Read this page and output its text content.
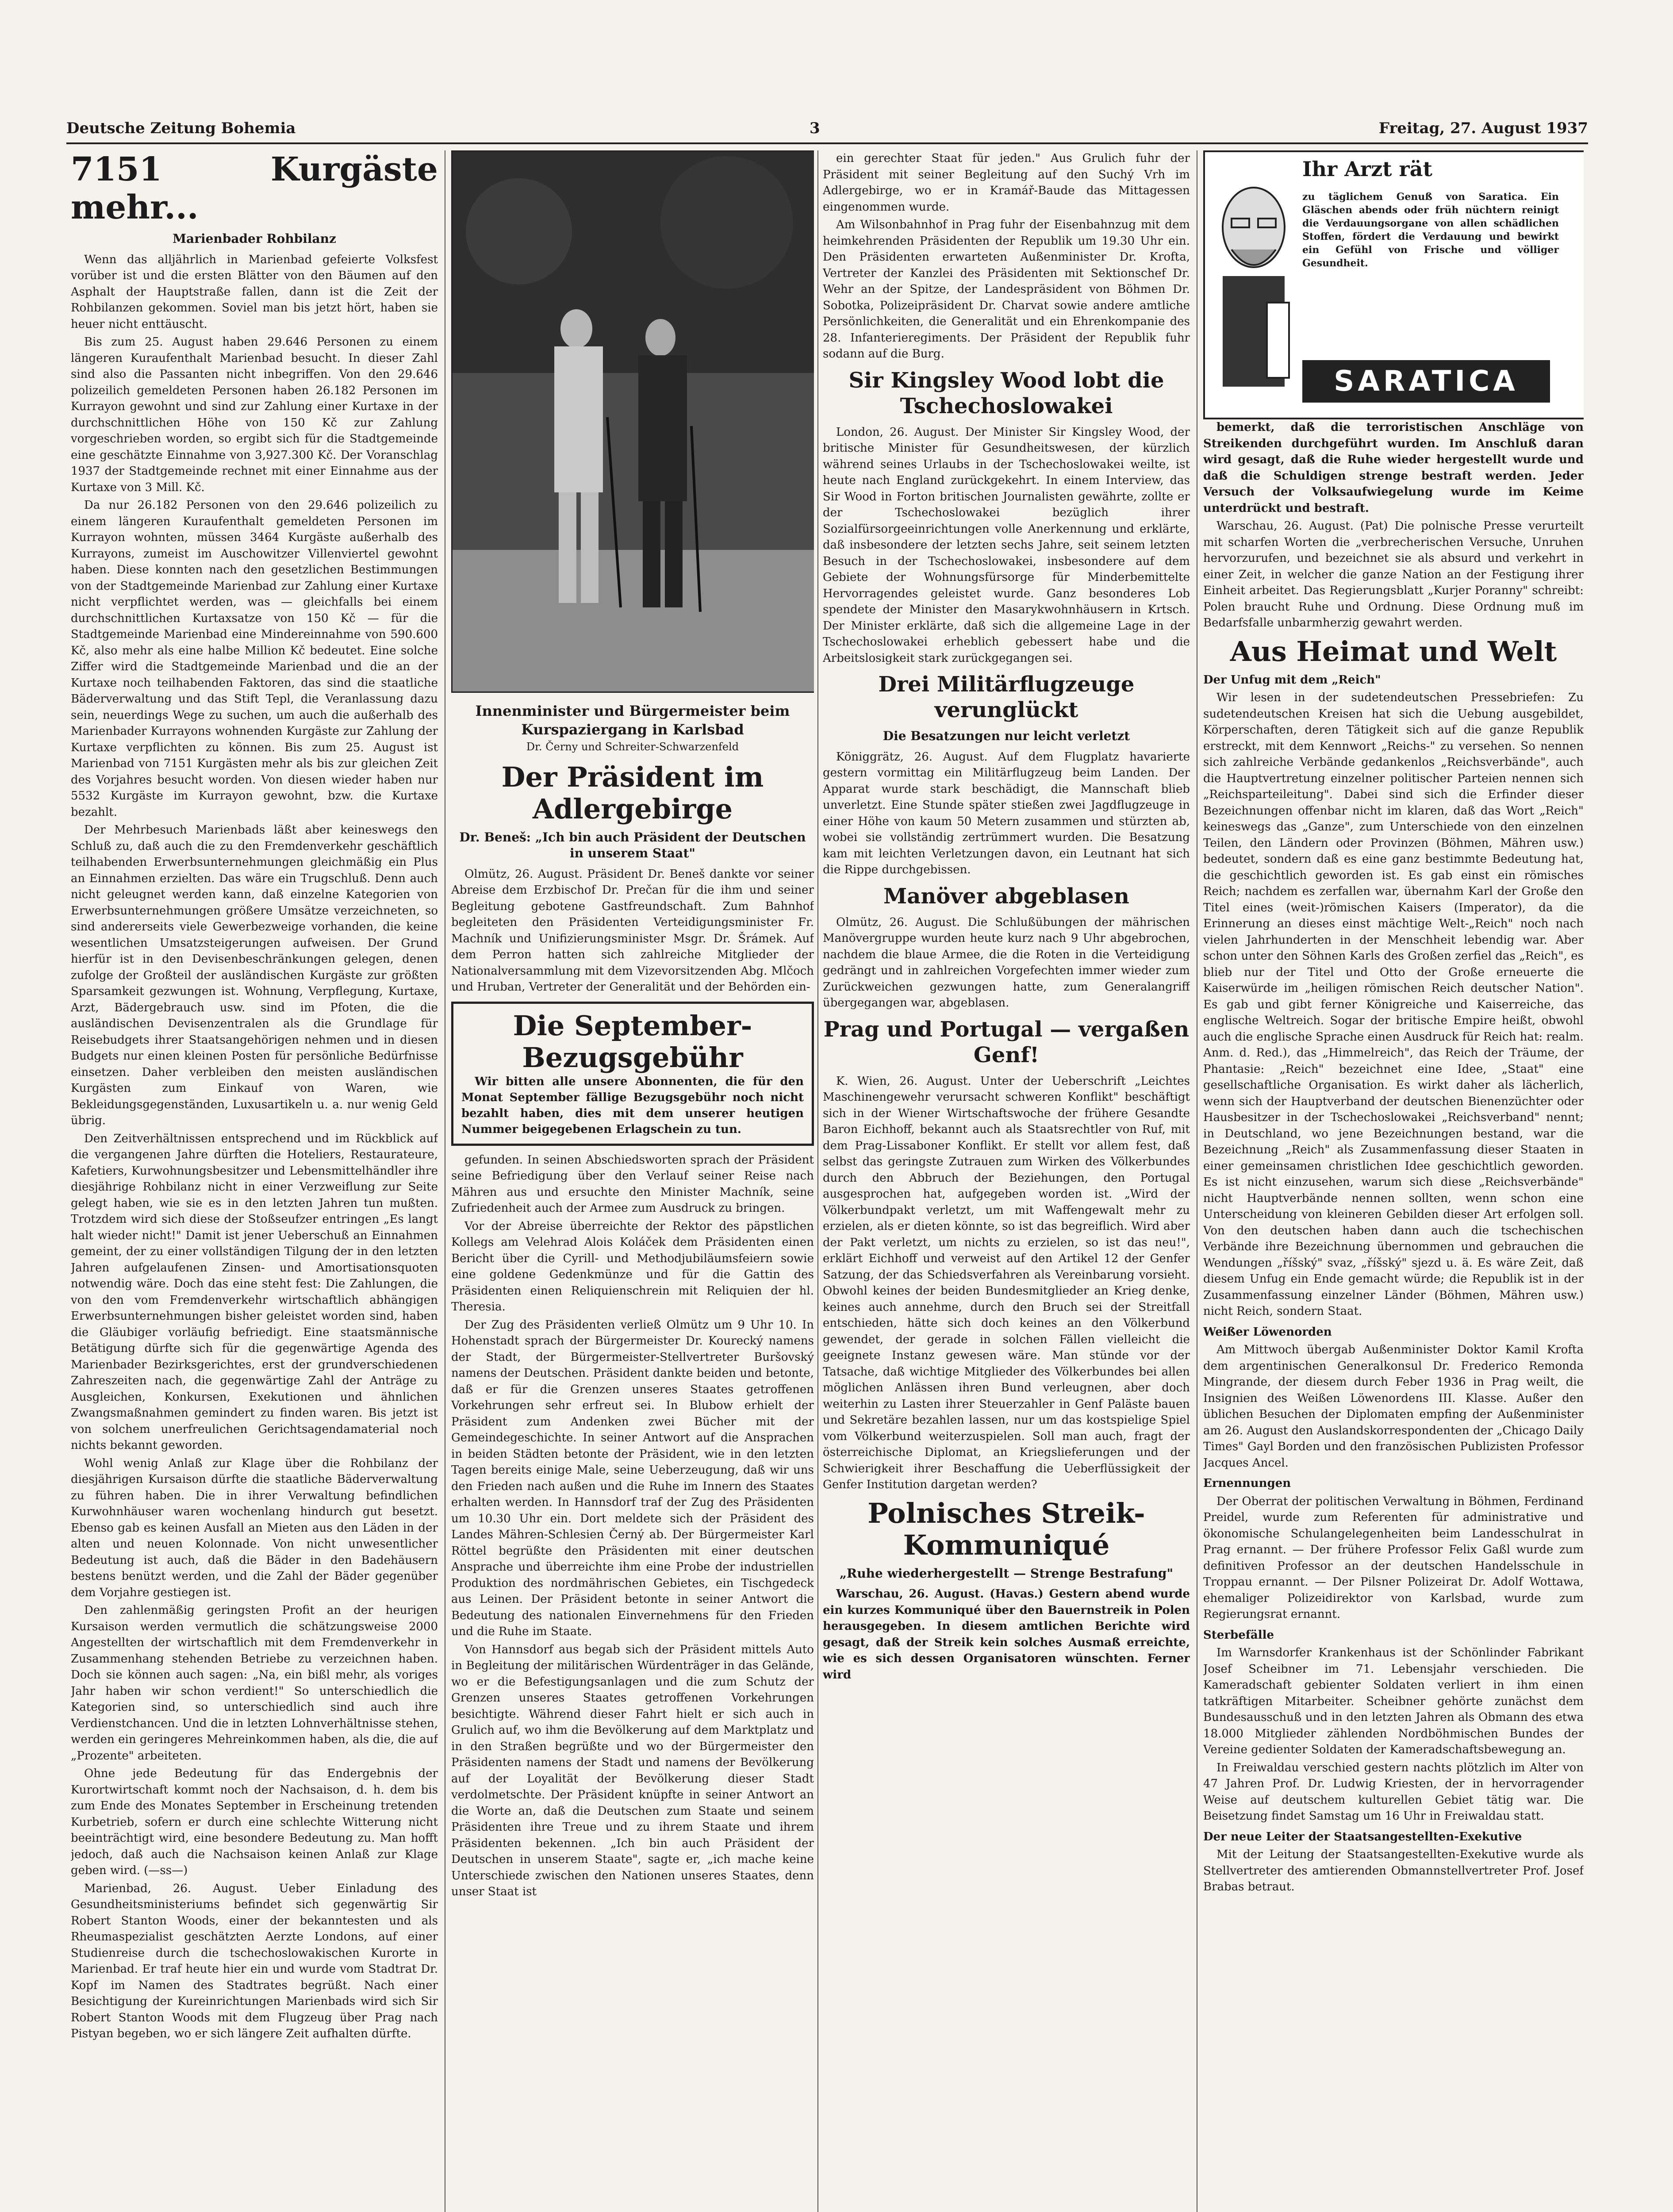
Deutsche Zeitung Bohemia	3	Freitag, 27. August 1937
7151 Kurgäste mehr...
Marienbader Rohbilanz

Wenn das alljährlich in Marienbad gefeierte Volksfest vorüber ist und die ersten Blätter von den Bäumen auf den Asphalt der Hauptstraße fallen, dann ist die Zeit der Rohbilanzen gekommen. Soviel man bis jetzt hört, haben sie heuer nicht enttäuscht.

Bis zum 25. August haben 29.646 Personen zu einem längeren Kuraufenthalt Marienbad besucht. In dieser Zahl sind also die Passanten nicht inbegriffen. Von den 29.646 polizeilich gemeldeten Personen haben 26.182 Personen im Kurrayon gewohnt und sind zur Zahlung einer Kurtaxe in der durchschnittlichen Höhe von 150 Kč zur Zahlung vorgeschrieben worden, so ergibt sich für die Stadtgemeinde eine geschätzte Einnahme von 3,927.300 Kč. Der Voranschlag 1937 der Stadtgemeinde rechnet mit einer Einnahme aus der Kurtaxe von 3 Mill. Kč.

Da nur 26.182 Personen von den 29.646 polizeilich zu einem längeren Kuraufenthalt gemeldeten Personen im Kurrayon wohnten, müssen 3464 Kurgäste außerhalb des Kurrayons, zumeist im Auschowitzer Villenviertel gewohnt haben. Diese konnten nach den gesetzlichen Bestimmungen von der Stadtgemeinde Marienbad zur Zahlung einer Kurtaxe nicht verpflichtet werden, was — gleichfalls bei einem durchschnittlichen Kurtaxsatze von 150 Kč — für die Stadtgemeinde Marienbad eine Mindereinnahme von 590.600 Kč, also mehr als eine halbe Million Kč bedeutet. Eine solche Ziffer wird die Stadtgemeinde Marienbad und die an der Kurtaxe noch teilhabenden Faktoren, das sind die staatliche Bäderverwaltung und das Stift Tepl, die Veranlassung dazu sein, neuerdings Wege zu suchen, um auch die außerhalb des Marienbader Kurrayons wohnenden Kurgäste zur Zahlung der Kurtaxe verpflichten zu können. Bis zum 25. August ist Marienbad von 7151 Kurgästen mehr als bis zur gleichen Zeit des Vorjahres besucht worden. Von diesen wieder haben nur 5532 Kurgäste im Kurrayon gewohnt, bzw. die Kurtaxe bezahlt.

Der Mehrbesuch Marienbads läßt aber keineswegs den Schluß zu, daß auch die zu den Fremdenverkehr geschäftlich teilhabenden Erwerbsunternehmungen gleichmäßig ein Plus an Einnahmen erzielten. Das wäre ein Trugschluß. Denn auch nicht geleugnet werden kann, daß einzelne Kategorien von Erwerbsunternehmungen größere Umsätze verzeichneten, so sind andererseits viele Gewerbezweige vorhanden, die keine wesentlichen Umsatzsteigerungen aufweisen. Der Grund hierfür ist in den Devisenbeschränkungen gelegen, denen zufolge der Großteil der ausländischen Kurgäste zur größten Sparsamkeit gezwungen ist. Wohnung, Verpflegung, Kurtaxe, Arzt, Bädergebrauch usw. sind im Pfoten, die die ausländischen Devisenzentralen als die Grundlage für Reisebudgets ihrer Staatsangehörigen nehmen und in diesen Budgets nur einen kleinen Posten für persönliche Bedürfnisse einsetzen. Daher verbleiben den meisten ausländischen Kurgästen zum Einkauf von Waren, wie Bekleidungsgegenständen, Luxusartikeln u. a. nur wenig Geld übrig.

Den Zeitverhältnissen entsprechend und im Rückblick auf die vergangenen Jahre dürften die Hoteliers, Restaurateure, Kafetiers, Kurwohnungsbesitzer und Lebensmittelhändler ihre diesjährige Rohbilanz nicht in einer Verzweiflung zur Seite gelegt haben, wie sie es in den letzten Jahren tun mußten. Trotzdem wird sich diese der Stoßseufzer entringen „Es langt halt wieder nicht!" Damit ist jener Ueberschuß an Einnahmen gemeint, der zu einer vollständigen Tilgung der in den letzten Jahren aufgelaufenen Zinsen- und Amortisationsquoten notwendig wäre. Doch das eine steht fest: Die Zahlungen, die von den vom Fremdenverkehr wirtschaftlich abhängigen Erwerbsunternehmungen bisher geleistet worden sind, haben die Gläubiger vorläufig befriedigt. Eine staatsmännische Betätigung dürfte sich für die gegenwärtige Agenda des Marienbader Bezirksgerichtes, erst der grundverschiedenen Zahreszeiten nach, die gegenwärtige Zahl der Anträge zu Ausgleichen, Konkursen, Exekutionen und ähnlichen Zwangsmaßnahmen gemindert zu finden waren. Bis jetzt ist von solchem unerfreulichen Gerichtsagendamaterial noch nichts bekannt geworden.

Wohl wenig Anlaß zur Klage über die Rohbilanz der diesjährigen Kursaison dürfte die staatliche Bäderverwaltung zu führen haben. Die in ihrer Verwaltung befindlichen Kurwohnhäuser waren wochenlang hindurch gut besetzt. Ebenso gab es keinen Ausfall an Mieten aus den Läden in der alten und neuen Kolonnade. Von nicht unwesentlicher Bedeutung ist auch, daß die Bäder in den Badehäusern bestens benützt werden, und die Zahl der Bäder gegenüber dem Vorjahre gestiegen ist.

Den zahlenmäßig geringsten Profit an der heurigen Kursaison werden vermutlich die schätzungsweise 2000 Angestellten der wirtschaftlich mit dem Fremdenverkehr in Zusammenhang stehenden Betriebe zu verzeichnen haben. Doch sie können auch sagen: „Na, ein bißl mehr, als voriges Jahr haben wir schon verdient!" So unterschiedlich die Kategorien sind, so unterschiedlich sind auch ihre Verdienstchancen. Und die in letzten Lohnverhältnisse stehen, werden ein geringeres Mehreinkommen haben, als die, die auf „Prozente" arbeiteten.

Ohne jede Bedeutung für das Endergebnis der Kurortwirtschaft kommt noch der Nachsaison, d. h. dem bis zum Ende des Monates September in Erscheinung tretenden Kurbetrieb, sofern er durch eine schlechte Witterung nicht beeinträchtigt wird, eine besondere Bedeutung zu. Man hofft jedoch, daß auch die Nachsaison keinen Anlaß zur Klage geben wird. (—ss—)

Marienbad, 26. August. Ueber Einladung des Gesundheitsministeriums befindet sich gegenwärtig Sir Robert Stanton Woods, einer der bekanntesten und als Rheumaspezialist geschätzten Aerzte Londons, auf einer Studienreise durch die tschechoslowakischen Kurorte in Marienbad. Er traf heute hier ein und wurde vom Stadtrat Dr. Kopf im Namen des Stadtrates begrüßt. Nach einer Besichtigung der Kureinrichtungen Marienbads wird sich Sir Robert Stanton Woods mit dem Flugzeug über Prag nach Pistyan begeben, wo er sich längere Zeit aufhalten dürfte.

Innenminister und Bürgermeister beim Kurspaziergang in Karlsbad
Dr. Černy und Schreiter-Schwarzenfeld
Der Präsident im Adlergebirge
Dr. Beneš: „Ich bin auch Präsident der Deutschen in unserem Staat"

Olmütz, 26. August. Präsident Dr. Beneš dankte vor seiner Abreise dem Erzbischof Dr. Prečan für die ihm und seiner Begleitung gebotene Gastfreundschaft. Zum Bahnhof begleiteten den Präsidenten Verteidigungsminister Fr. Machník und Unifizierungsminister Msgr. Dr. Šrámek. Auf dem Perron hatten sich zahlreiche Mitglieder der Nationalversammlung mit dem Vizevorsitzenden Abg. Mlčoch und Hruban, Vertreter der Generalität und der Behörden ein-

Die September-Bezugsgebühr
Wir bitten alle unsere Abonnenten, die für den Monat September fällige Bezugsgebühr noch nicht bezahlt haben, dies mit dem unserer heutigen Nummer beigegebenen Erlagschein zu tun.

gefunden. In seinen Abschiedsworten sprach der Präsident seine Befriedigung über den Verlauf seiner Reise nach Mähren aus und ersuchte den Minister Machník, seine Zufriedenheit auch der Armee zum Ausdruck zu bringen.

Vor der Abreise überreichte der Rektor des päpstlichen Kollegs am Velehrad Alois Koláček dem Präsidenten einen Bericht über die Cyrill- und Methodjubiläumsfeiern sowie eine goldene Gedenkmünze und für die Gattin des Präsidenten einen Reliquienschrein mit Reliquien der hl. Theresia.

Der Zug des Präsidenten verließ Olmütz um 9 Uhr 10. In Hohenstadt sprach der Bürgermeister Dr. Kourecký namens der Stadt, der Bürgermeister-Stellvertreter Buršovský namens der Deutschen. Präsident dankte beiden und betonte, daß er für die Grenzen unseres Staates getroffenen Vorkehrungen sehr erfreut sei. In Blubow erhielt der Präsident zum Andenken zwei Bücher mit der Gemeindegeschichte. In seiner Antwort auf die Ansprachen in beiden Städten betonte der Präsident, wie in den letzten Tagen bereits einige Male, seine Ueberzeugung, daß wir uns den Frieden nach außen und die Ruhe im Innern des Staates erhalten werden. In Hannsdorf traf der Zug des Präsidenten um 10.30 Uhr ein. Dort meldete sich der Präsident des Landes Mähren-Schlesien Černý ab. Der Bürgermeister Karl Röttel begrüßte den Präsidenten mit einer deutschen Ansprache und überreichte ihm eine Probe der industriellen Produktion des nordmährischen Gebietes, ein Tischgedeck aus Leinen. Der Präsident betonte in seiner Antwort die Bedeutung des nationalen Einvernehmens für den Frieden und die Ruhe im Staate.

Von Hannsdorf aus begab sich der Präsident mittels Auto in Begleitung der militärischen Würdenträger in das Gelände, wo er die Befestigungsanlagen und die zum Schutz der Grenzen unseres Staates getroffenen Vorkehrungen besichtigte. Während dieser Fahrt hielt er sich auch in Grulich auf, wo ihm die Bevölkerung auf dem Marktplatz und in den Straßen begrüßte und wo der Bürgermeister den Präsidenten namens der Stadt und namens der Bevölkerung auf der Loyalität der Bevölkerung dieser Stadt verdolmetschte. Der Präsident knüpfte in seiner Antwort an die Worte an, daß die Deutschen zum Staate und seinem Präsidenten ihre Treue und zu ihrem Staate und ihrem Präsidenten bekennen. „Ich bin auch Präsident der Deutschen in unserem Staate", sagte er, „ich mache keine Unterschiede zwischen den Nationen unseres Staates, denn unser Staat ist

ein gerechter Staat für jeden." Aus Grulich fuhr der Präsident mit seiner Begleitung auf den Suchý Vrh im Adlergebirge, wo er in Kramář-Baude das Mittagessen eingenommen wurde.

Am Wilsonbahnhof in Prag fuhr der Eisenbahnzug mit dem heimkehrenden Präsidenten der Republik um 19.30 Uhr ein. Den Präsidenten erwarteten Außenminister Dr. Krofta, Vertreter der Kanzlei des Präsidenten mit Sektionschef Dr. Wehr an der Spitze, der Landespräsident von Böhmen Dr. Sobotka, Polizeipräsident Dr. Charvat sowie andere amtliche Persönlichkeiten, die Generalität und ein Ehrenkompanie des 28. Infanterieregiments. Der Präsident der Republik fuhr sodann auf die Burg.

Sir Kingsley Wood lobt die Tschechoslowakei

London, 26. August. Der Minister Sir Kingsley Wood, der britische Minister für Gesundheitswesen, der kürzlich während seines Urlaubs in der Tschechoslowakei weilte, ist heute nach England zurückgekehrt. In einem Interview, das Sir Wood in Forton britischen Journalisten gewährte, zollte er der Tschechoslowakei bezüglich ihrer Sozialfürsorgeeinrichtungen volle Anerkennung und erklärte, daß insbesondere der letzten sechs Jahre, seit seinem letzten Besuch in der Tschechoslowakei, insbesondere auf dem Gebiete der Wohnungsfürsorge für Minderbemittelte Hervorragendes geleistet wurde. Ganz besonderes Lob spendete der Minister den Masarykwohnhäusern in Krtsch. Der Minister erklärte, daß sich die allgemeine Lage in der Tschechoslowakei erheblich gebessert habe und die Arbeitslosigkeit stark zurückgegangen sei.

Drei Militärflugzeuge verunglückt
Die Besatzungen nur leicht verletzt

Königgrätz, 26. August. Auf dem Flugplatz havarierte gestern vormittag ein Militärflugzeug beim Landen. Der Apparat wurde stark beschädigt, die Mannschaft blieb unverletzt. Eine Stunde später stießen zwei Jagdflugzeuge in einer Höhe von kaum 50 Metern zusammen und stürzten ab, wobei sie vollständig zertrümmert wurden. Die Besatzung kam mit leichten Verletzungen davon, ein Leutnant hat sich die Rippe durchgebissen.

Manöver abgeblasen

Olmütz, 26. August. Die Schlußübungen der mährischen Manövergruppe wurden heute kurz nach 9 Uhr abgebrochen, nachdem die blaue Armee, die die Roten in die Verteidigung gedrängt und in zahlreichen Vorgefechten immer wieder zum Zurückweichen gezwungen hatte, zum Generalangriff übergegangen war, abgeblasen.

Prag und Portugal — vergaßen Genf!

K. Wien, 26. August. Unter der Ueberschrift „Leichtes Maschinengewehr verursacht schweren Konflikt" beschäftigt sich in der Wiener Wirtschaftswoche der frühere Gesandte Baron Eichhoff, bekannt auch als Staatsrechtler von Ruf, mit dem Prag-Lissaboner Konflikt. Er stellt vor allem fest, daß selbst das geringste Zutrauen zum Wirken des Völkerbundes durch den Abbruch der Beziehungen, den Portugal ausgesprochen hat, aufgegeben worden ist. „Wird der Völkerbundpakt verletzt, um mit Waffengewalt mehr zu erzielen, als er dieten könnte, so ist das begreiflich. Wird aber der Pakt verletzt, um nichts zu erzielen, so ist das neu!", erklärt Eichhoff und verweist auf den Artikel 12 der Genfer Satzung, der das Schiedsverfahren als Vereinbarung vorsieht. Obwohl keines der beiden Bundesmitglieder an Krieg denke, keines auch annehme, durch den Bruch sei der Streitfall entschieden, hätte sich doch keines an den Völkerbund gewendet, der gerade in solchen Fällen vielleicht die geeignete Instanz gewesen wäre. Man stünde vor der Tatsache, daß wichtige Mitglieder des Völkerbundes bei allen möglichen Anlässen ihren Bund verleugnen, aber doch weiterhin zu Lasten ihrer Steuerzahler in Genf Paläste bauen und Sekretäre bezahlen lassen, nur um das kostspielige Spiel vom Völkerbund weiterzuspielen. Soll man auch, fragt der österreichische Diplomat, an Kriegslieferungen und der Schwierigkeit ihrer Beschaffung die Ueberflüssigkeit der Genfer Institution dargetan werden?

Polnisches Streik-Kommuniqué
„Ruhe wiederhergestellt — Strenge Bestrafung"

Warschau, 26. August. (Havas.) Gestern abend wurde ein kurzes Kommuniqué über den Bauernstreik in Polen herausgegeben. In diesem amtlichen Berichte wird gesagt, daß der Streik kein solches Ausmaß erreichte, wie es sich dessen Organisatoren wünschten. Ferner wird

Ihr Arzt rät
zu täglichem Genuß von Saratica. Ein Gläschen abends oder früh nüchtern reinigt die Verdauungsorgane von allen schädlichen Stoffen, fördert die Verdauung und bewirkt ein Gefühl von Frische und völliger Gesundheit.
SARATICA

bemerkt, daß die terroristischen Anschläge von Streikenden durchgeführt wurden. Im Anschluß daran wird gesagt, daß die Ruhe wieder hergestellt wurde und daß die Schuldigen strenge bestraft werden. Jeder Versuch der Volksaufwiegelung wurde im Keime unterdrückt und bestraft.

Warschau, 26. August. (Pat) Die polnische Presse verurteilt mit scharfen Worten die „verbrecherischen Versuche, Unruhen hervorzurufen, und bezeichnet sie als absurd und verkehrt in einer Zeit, in welcher die ganze Nation an der Festigung ihrer Einheit arbeitet. Das Regierungsblatt „Kurjer Poranny" schreibt: Polen braucht Ruhe und Ordnung. Diese Ordnung muß im Bedarfsfalle unbarmherzig gewahrt werden.

Aus Heimat und Welt
Der Unfug mit dem „Reich"

Wir lesen in der sudetendeutschen Pressebriefen: Zu sudetendeutschen Kreisen hat sich die Uebung ausgebildet, Körperschaften, deren Tätigkeit sich auf die ganze Republik erstreckt, mit dem Kennwort „Reichs-" zu versehen. So nennen sich zahlreiche Verbände gedankenlos „Reichsverbände", auch die Hauptvertretung einzelner politischer Parteien nennen sich „Reichsparteileitung". Dabei sind sich die Erfinder dieser Bezeichnungen offenbar nicht im klaren, daß das Wort „Reich" keineswegs das „Ganze", zum Unterschiede von den einzelnen Teilen, den Ländern oder Provinzen (Böhmen, Mähren usw.) bedeutet, sondern daß es eine ganz bestimmte Bedeutung hat, die geschichtlich geworden ist. Es gab einst ein römisches Reich; nachdem es zerfallen war, übernahm Karl der Große den Titel eines (weit-)römischen Kaisers (Imperator), da die Erinnerung an dieses einst mächtige Welt-„Reich" noch nach vielen Jahrhunderten in der Menschheit lebendig war. Aber schon unter den Söhnen Karls des Großen zerfiel das „Reich", es blieb nur der Titel und Otto der Große erneuerte die Kaiserwürde im „heiligen römischen Reich deutscher Nation". Es gab und gibt ferner Königreiche und Kaiserreiche, das englische Weltreich. Sogar der britische Empire heißt, obwohl auch die englische Sprache einen Ausdruck für Reich hat: realm. Anm. d. Red.), das „Himmelreich", das Reich der Träume, der Phantasie: „Reich" bezeichnet eine Idee, „Staat" eine gesellschaftliche Organisation. Es wirkt daher als lächerlich, wenn sich der Hauptverband der deutschen Bienenzüchter oder Hausbesitzer in der Tschechoslowakei „Reichsverband" nennt; in Deutschland, wo jene Bezeichnungen bestand, war die Bezeichnung „Reich" als Zusammenfassung dieser Staaten in einer gemeinsamen christlichen Idee geschichtlich geworden. Es ist nicht einzusehen, warum sich diese „Reichsverbände" nicht Hauptverbände nennen sollten, wenn schon eine Unterscheidung von kleineren Gebilden dieser Art erfolgen soll. Von den deutschen haben dann auch die tschechischen Verbände ihre Bezeichnung übernommen und gebrauchen die Wendungen „říšský" svaz, „říšský" sjezd u. ä. Es wäre Zeit, daß diesem Unfug ein Ende gemacht würde; die Republik ist in der Zusammenfassung einzelner Länder (Böhmen, Mähren usw.) nicht Reich, sondern Staat.

Weißer Löwenorden

Am Mittwoch übergab Außenminister Doktor Kamil Krofta dem argentinischen Generalkonsul Dr. Frederico Remonda Mingrande, der diesem durch Feber 1936 in Prag weilt, die Insignien des Weißen Löwenordens III. Klasse. Außer den üblichen Besuchen der Diplomaten empfing der Außenminister am 26. August den Auslandskorrespondenten der „Chicago Daily Times" Gayl Borden und den französischen Publizisten Professor Jacques Ancel.

Ernennungen

Der Oberrat der politischen Verwaltung in Böhmen, Ferdinand Preidel, wurde zum Referenten für administrative und ökonomische Schulangelegenheiten beim Landesschulrat in Prag ernannt. — Der frühere Professor Felix Gaßl wurde zum definitiven Professor an der deutschen Handelsschule in Troppau ernannt. — Der Pilsner Polizeirat Dr. Adolf Wottawa, ehemaliger Polizeidirektor von Karlsbad, wurde zum Regierungsrat ernannt.

Sterbefälle

Im Warnsdorfer Krankenhaus ist der Schönlinder Fabrikant Josef Scheibner im 71. Lebensjahr verschieden. Die Kameradschaft gebienter Soldaten verliert in ihm einen tatkräftigen Mitarbeiter. Scheibner gehörte zunächst dem Bundesausschuß und in den letzten Jahren als Obmann des etwa 18.000 Mitglieder zählenden Nordböhmischen Bundes der Vereine gedienter Soldaten der Kameradschaftsbewegung an.

In Freiwaldau verschied gestern nachts plötzlich im Alter von 47 Jahren Prof. Dr. Ludwig Kriesten, der in hervorragender Weise auf deutschem kulturellen Gebiet tätig war. Die Beisetzung findet Samstag um 16 Uhr in Freiwaldau statt.

Der neue Leiter der Staatsangestellten-Exekutive

Mit der Leitung der Staatsangestellten-Exekutive wurde als Stellvertreter des amtierenden Obmannstellvertreter Prof. Josef Brabas betraut.
